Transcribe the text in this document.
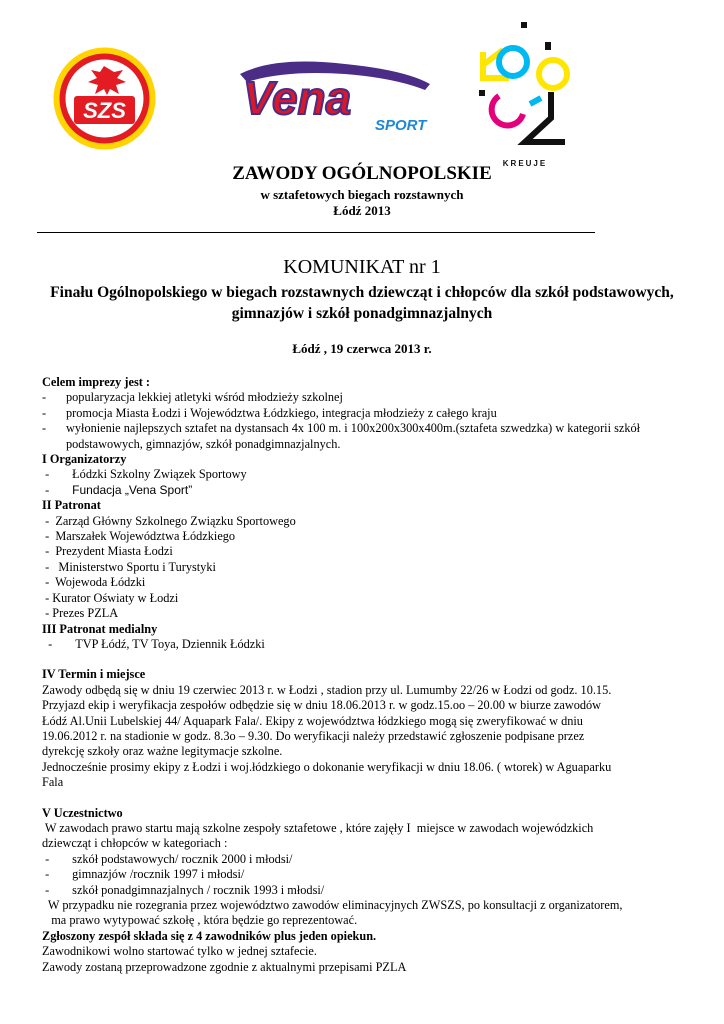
SZS	Vena
SPORT
KREUJE
ZAWODY OGÓLNOPOLSKIE
w sztafetowych biegach rozstawnych
Łódź 2013
KOMUNIKAT nr 1
Finału Ogólnopolskiego w biegach rozstawnych dziewcząt i chłopców dla szkół podstawowych, gimnazjów i szkół ponadgimnazjalnych
Łódź , 19 czerwca 2013 r.
Celem imprezy jest :
-	popularyzacja lekkiej atletyki wśród młodzieży szkolnej
-	promocja Miasta Łodzi i Województwa Łódzkiego, integracja młodzieży z całego kraju
-	wyłonienie najlepszych sztafet na dystansach 4x 100 m. i 100x200x300x400m.(sztafeta szwedzka) w kategorii szkół podstawowych, gimnazjów, szkół ponadgimnazjalnych.
I Organizatorzy
-
	Łódzki Szkolny Związek Sportowy
-
	Fundacja „Vena Sport”
II Patronat
-  Zarząd Główny Szkolnego Związku Sportowego
-  Marszałek Województwa Łódzkiego
-  Prezydent Miasta Łodzi
-   Ministerstwo Sportu i Turystyki
-  Wojewoda Łódzki
- Kurator Oświaty w Łodzi
- Prezes PZLA
III Patronat medialny
-
	TVP Łódź, TV Toya, Dziennik Łódzki
IV Termin i miejsce
Zawody odbędą się w dniu 19 czerwiec 2013 r. w Łodzi , stadion przy ul. Lumumby 22/26 w Łodzi od godz. 10.15.
Przyjazd ekip i weryfikacja zespołów odbędzie się w dniu 18.06.2013 r. w godz.15.oo – 20.00 w biurze zawodów
Łódź Al.Unii Lubelskiej 44/ Aquapark Fala/. Ekipy z województwa łódzkiego mogą się zweryfikować w dniu
19.06.2012 r. na stadionie w godz. 8.3o – 9.30. Do weryfikacji należy przedstawić zgłoszenie podpisane przez
dyrekcję szkoły oraz ważne legitymacje szkolne.
Jednocześnie prosimy ekipy z Łodzi i woj.łódzkiego o dokonanie weryfikacji w dniu 18.06. ( wtorek) w Aguaparku
Fala
V Uczestnictwo
W zawodach prawo startu mają szkolne zespoły sztafetowe , które zajęły I  miejsce w zawodach wojewódzkich
dziewcząt i chłopców w kategoriach :
-
	szkół podstawowych/ rocznik 2000 i młodsi/
-
	gimnazjów /rocznik 1997 i młodsi/
-
	szkół ponadgimnazjalnych / rocznik 1993 i młodsi/
W przypadku nie rozegrania przez województwo zawodów eliminacyjnych ZWSZS, po konsultacji z organizatorem,
ma prawo wytypować szkołę , która będzie go reprezentować.
Zgłoszony zespół składa się z 4 zawodników plus jeden opiekun.
Zawodnikowi wolno startować tylko w jednej sztafecie.
Zawody zostaną przeprowadzone zgodnie z aktualnymi przepisami PZLA
